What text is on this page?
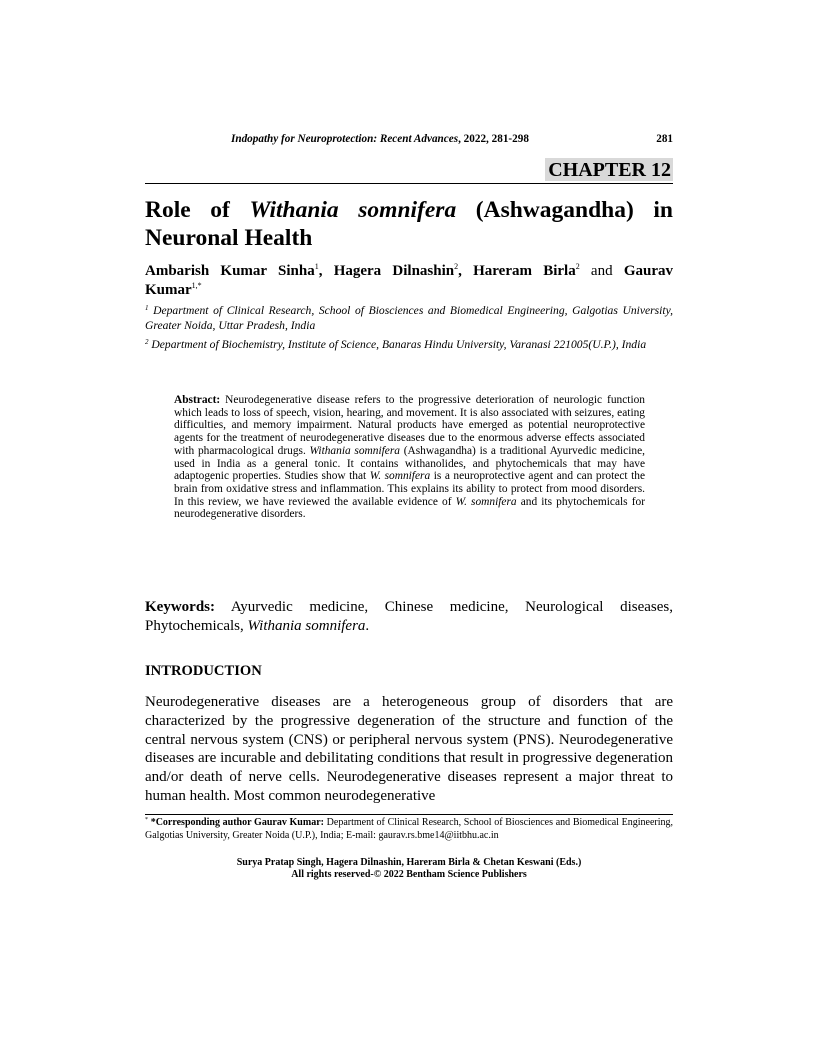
Indopathy for Neuroprotection: Recent Advances, 2022, 281-298	281
CHAPTER 12
Role of Withania somnifera (Ashwagandha) in
Neuronal Health
Ambarish Kumar Sinha$^1$, Hagera Dilnashin$^2$, Hareram Birla$^2$ and Gaurav Kumar$^{1,*}$
$^1$ Department of Clinical Research, School of Biosciences and Biomedical Engineering, Galgotias University, Greater Noida, Uttar Pradesh, India
$^2$ Department of Biochemistry, Institute of Science, Banaras Hindu University, Varanasi 221005(U.P.), India
Abstract: Neurodegenerative disease refers to the progressive deterioration of neurologic function which leads to loss of speech, vision, hearing, and movement. It is also associated with seizures, eating difficulties, and memory impairment. Natural products have emerged as potential neuroprotective agents for the treatment of neurodegenerative diseases due to the enormous adverse effects associated with pharmacological drugs. Withania somnifera (Ashwagandha) is a traditional Ayurvedic medicine, used in India as a general tonic. It contains withanolides, and phytochemicals that may have adaptogenic properties. Studies show that W. somnifera is a neuroprotective agent and can protect the brain from oxidative stress and inflammation. This explains its ability to protect from mood disorders. In this review, we have reviewed the available evidence of W. somnifera and its phytochemicals for neurodegenerative disorders.
Keywords: Ayurvedic medicine, Chinese medicine, Neurological diseases, Phytochemicals, Withania somnifera.
INTRODUCTION
Neurodegenerative diseases are a heterogeneous group of disorders that are characterized by the progressive degeneration of the structure and function of the central nervous system (CNS) or peripheral nervous system (PNS). Neurodegenerative diseases are incurable and debilitating conditions that result in progressive degeneration and/or death of nerve cells. Neurodegenerative diseases represent a major threat to human health. Most common neurodegenerative
* *Corresponding author Gaurav Kumar: Department of Clinical Research, School of Biosciences and Biomedical Engineering, Galgotias University, Greater Noida (U.P.), India; E-mail: gaurav.rs.bme14@iitbhu.ac.in
Surya Pratap Singh, Hagera Dilnashin, Hareram Birla & Chetan Keswani (Eds.)
All rights reserved-© 2022 Bentham Science Publishers
